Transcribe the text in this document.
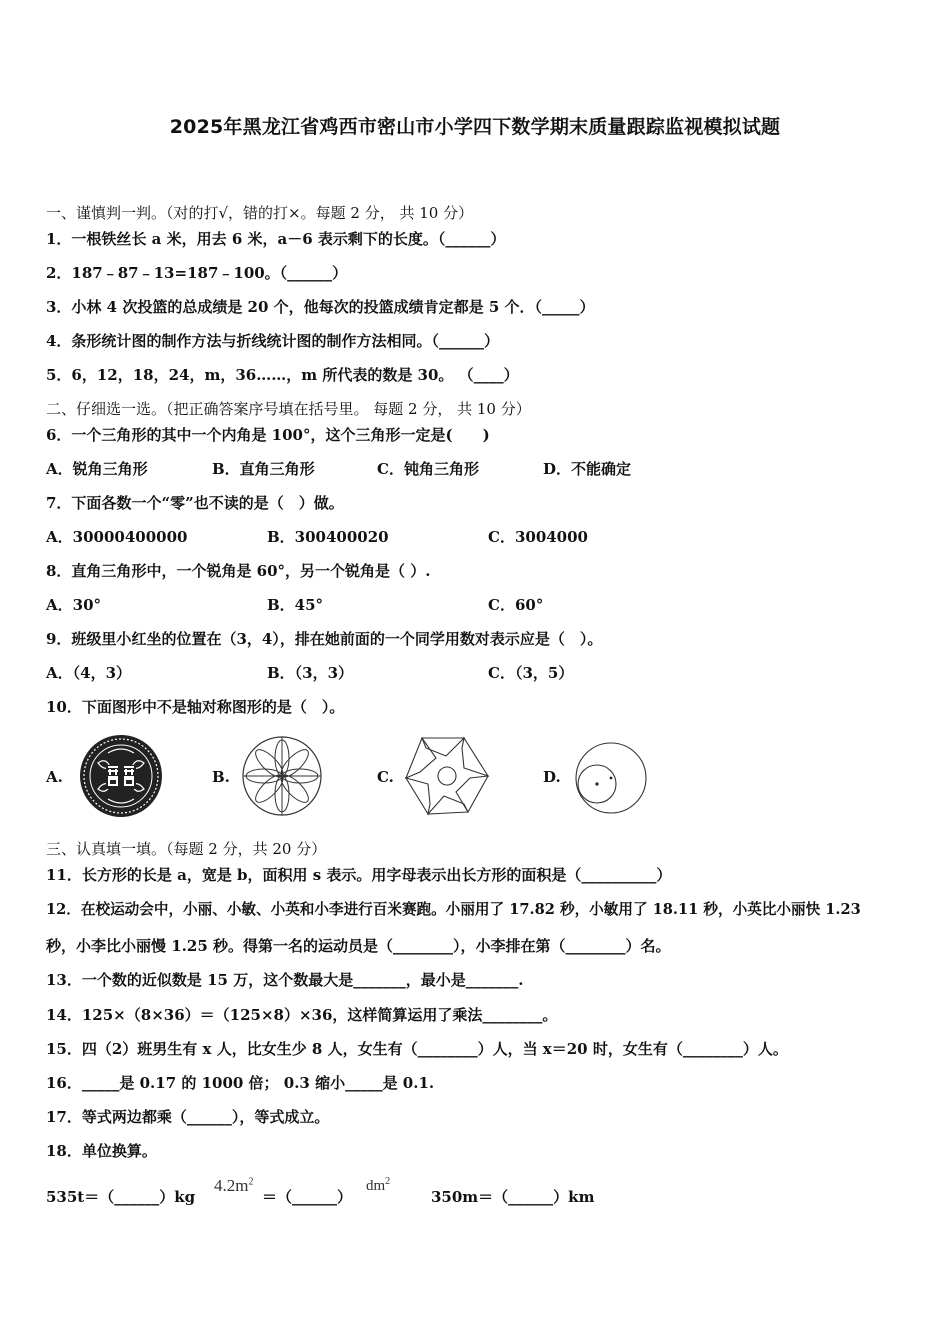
2025年黑龙江省鸡西市密山市小学四下数学期末质量跟踪监视模拟试题
一、谨慎判一判。（对的打√，错的打×。每题 2 分， 共 10 分）
1．一根铁丝长 a 米，用去 6 米，a－6 表示剩下的长度。（______）
2．187﹣87﹣13=187﹣100。（______）
3．小林 4 次投篮的总成绩是 20 个，他每次的投篮成绩肯定都是 5 个．（_____）
4．条形统计图的制作方法与折线统计图的制作方法相同。（______）
5．6，12，18，24，m，36……，m 所代表的数是 30。 （____）
二、仔细选一选。（把正确答案序号填在括号里。 每题 2 分， 共 10 分）
6．一个三角形的其中一个内角是 100°，这个三角形一定是(　　)
A．锐角三角形	B．直角三角形	C．钝角三角形	D．不能确定
7．下面各数一个“零”也不读的是（　）做。
A．30000400000	B．300400020	C．3004000
8．直角三角形中，一个锐角是 60°，另一个锐角是（ ）.
A．30°	B．45°	C．60°
9．班级里小红坐的位置在（3，4），排在她前面的一个同学用数对表示应是（　）。
A．（4，3）	B．（3，3）	C．（3，5）
10．下面图形中不是轴对称图形的是（　）。
A.	B.	C.	D.
三、认真填一填。（每题 2 分，共 20 分）
11．长方形的长是 a，宽是 b，面积用 s 表示。用字母表示出长方形的面积是（__________）
12．在校运动会中，小丽、小敏、小英和小李进行百米赛跑。小丽用了 17.82 秒，小敏用了 18.11 秒，小英比小丽快 1.23
秒，小李比小丽慢 1.25 秒。得第一名的运动员是（________），小李排在第（________）名。
13．一个数的近似数是 15 万，这个数最大是_______，最小是_______.
14．125×（8×36）＝（125×8）×36，这样简算运用了乘法________。
15．四（2）班男生有 x 人，比女生少 8 人，女生有（________）人，当 x＝20 时，女生有（________）人。
16．_____是 0.17 的 1000 倍； 0.3 缩小_____是 0.1.
17．等式两边都乘（______），等式成立。
18．单位换算。
535t＝（______）kg
$4.2m^2$
＝（______）
$dm^2$
350m＝（______）km
